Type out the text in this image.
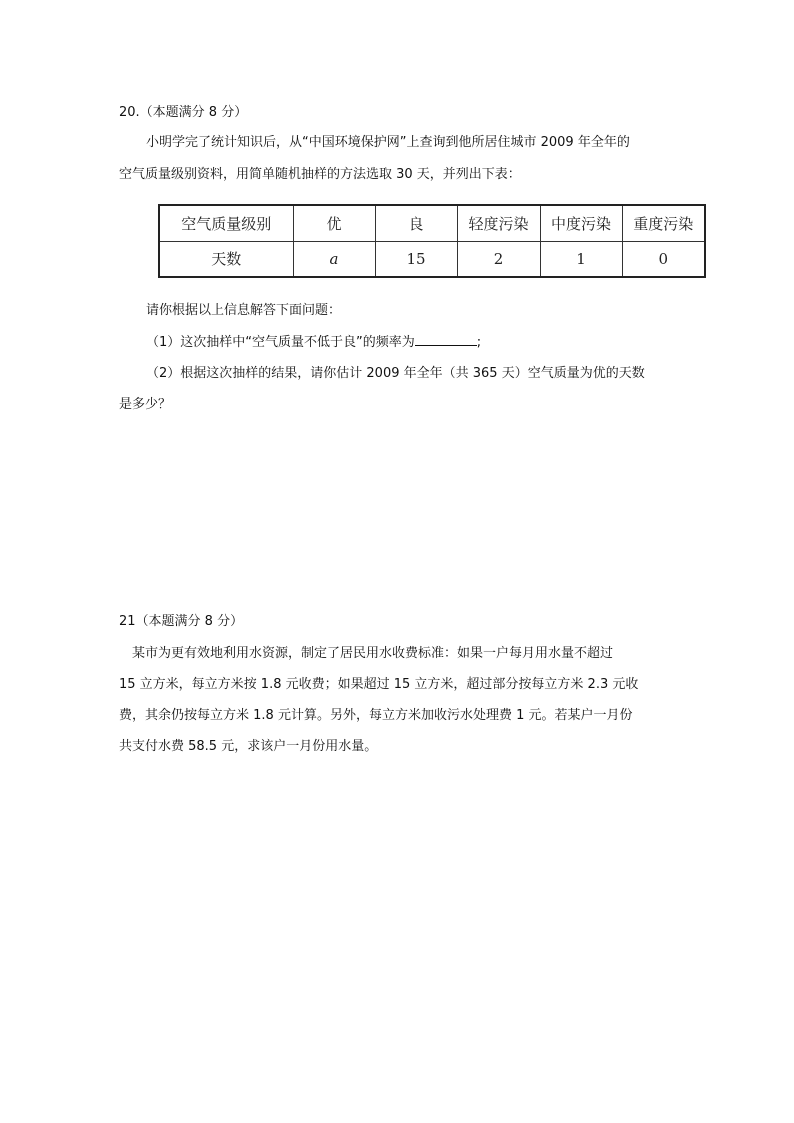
20.（本题满分 8 分）
小明学完了统计知识后，从“中国环境保护网”上查询到他所居住城市 2009 年全年的
空气质量级别资料，用简单随机抽样的方法选取 30 天，并列出下表：
空气质量级别	优	良	轻度污染	中度污染	重度污染
天数	a	15	2	1	0
请你根据以上信息解答下面问题：
（1）这次抽样中“空气质量不低于良”的频率为	;
（2）根据这次抽样的结果，请你估计 2009 年全年（共 365 天）空气质量为优的天数
是多少？
21（本题满分 8 分）
某市为更有效地利用水资源，制定了居民用水收费标准：如果一户每月用水量不超过
15 立方米，每立方米按 1.8 元收费；如果超过 15 立方米，超过部分按每立方米 2.3 元收
费，其余仍按每立方米 1.8 元计算。另外，每立方米加收污水处理费 1 元。若某户一月份
共支付水费 58.5 元，求该户一月份用水量。
